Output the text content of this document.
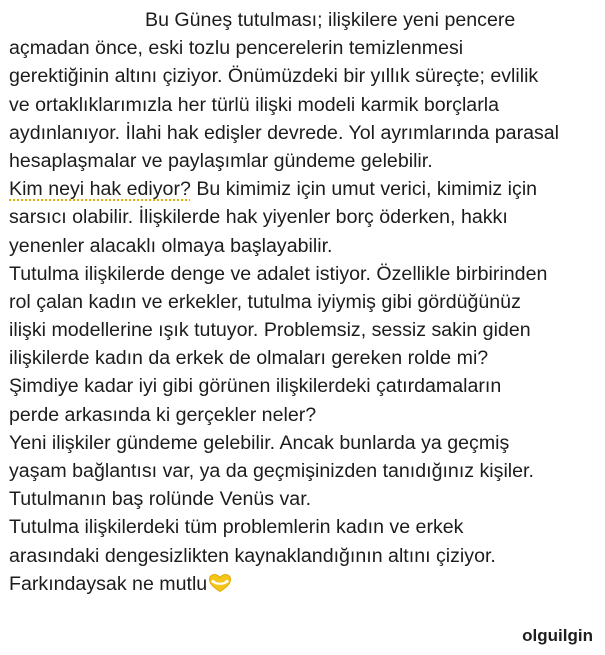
Bu Güneş tutulması; ilişkilere yeni pencere
açmadan önce, eski tozlu pencerelerin temizlenmesi
gerektiğinin altını çiziyor. Önümüzdeki bir yıllık süreçte; evlilik
ve ortaklıklarımızla her türlü ilişki modeli karmik borçlarla
aydınlanıyor. İlahi hak edişler devrede. Yol ayrımlarında parasal
hesaplaşmalar ve paylaşımlar gündeme gelebilir.
Kim neyi hak ediyor? Bu kimimiz için umut verici, kimimiz için
sarsıcı olabilir. İlişkilerde hak yiyenler borç öderken, hakkı
yenenler alacaklı olmaya başlayabilir.
Tutulma ilişkilerde denge ve adalet istiyor. Özellikle birbirinden
rol çalan kadın ve erkekler, tutulma iyiymiş gibi gördüğünüz
ilişki modellerine ışık tutuyor. Problemsiz, sessiz sakin giden
ilişkilerde kadın da erkek de olmaları gereken rolde mi?
Şimdiye kadar iyi gibi görünen ilişkilerdeki çatırdamaların
perde arkasında ki gerçekler neler?
Yeni ilişkiler gündeme gelebilir. Ancak bunlarda ya geçmiş
yaşam bağlantısı var, ya da geçmişinizden tanıdığınız kişiler.
Tutulmanın baş rolünde Venüs var.
Tutulma ilişkilerdeki tüm problemlerin kadın ve erkek
arasındaki dengesizlikten kaynaklandığının altını çiziyor.
Farkındaysak ne mutlu
olguilgin
